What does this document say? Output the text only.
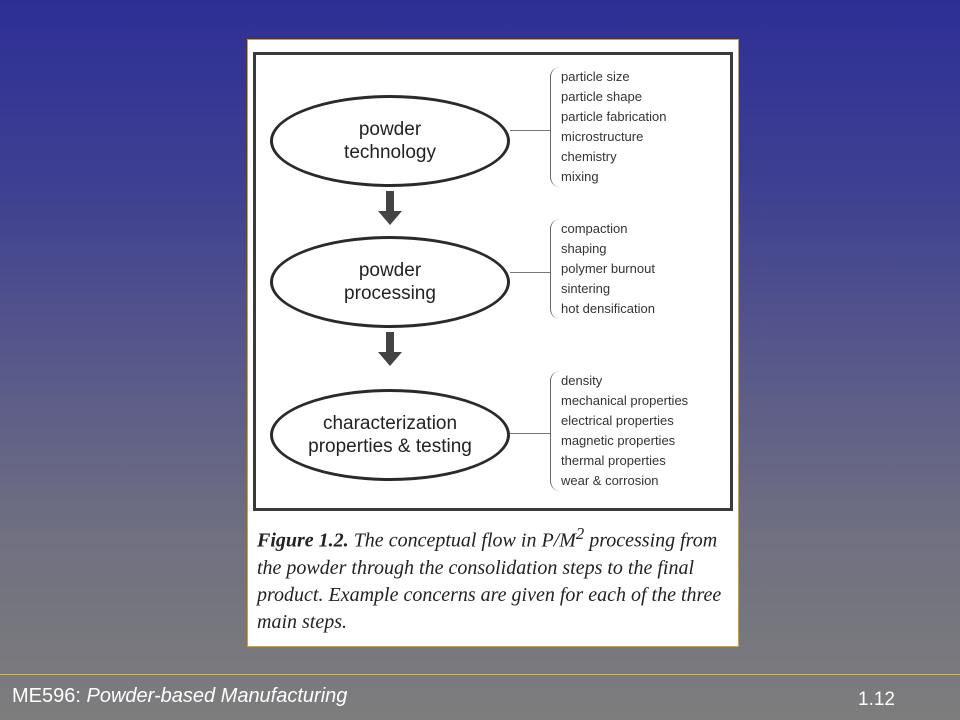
powder
technology
particle size
particle shape
particle fabrication
microstructure
chemistry
mixing
powder
processing
compaction
shaping
polymer burnout
sintering
hot densification
characterization
properties & testing
density
mechanical properties
electrical properties
magnetic properties
thermal properties
wear & corrosion
Figure 1.2. The conceptual flow in $P/M^2$ processing from the powder through the consolidation steps to the final product. Example concerns are given for each of the three main steps.
ME596: Powder-based Manufacturing	1.12
